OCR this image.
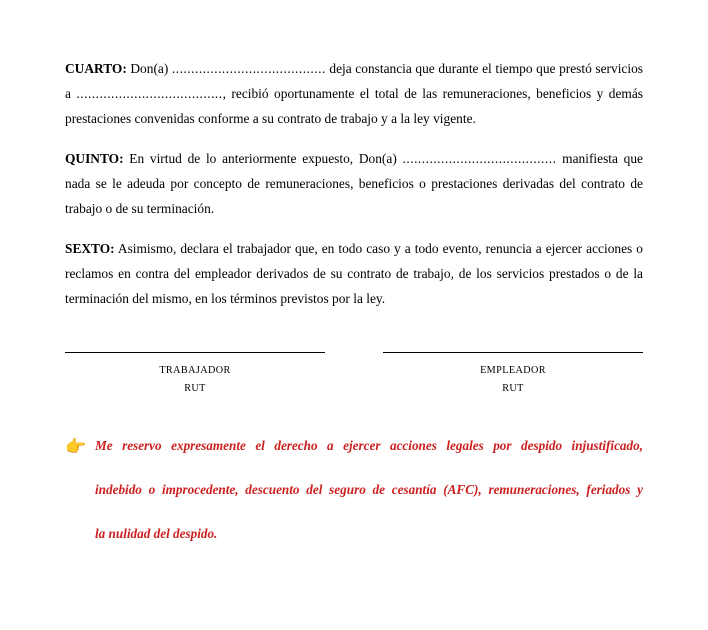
CUARTO: Don(a) ........................................ deja constancia que durante el tiempo que prestó servicios a ......................................, recibió oportunamente el total de las remuneraciones, beneficios y demás prestaciones convenidas conforme a su contrato de trabajo y a la ley vigente.

QUINTO: En virtud de lo anteriormente expuesto, Don(a) ........................................ manifiesta que nada se le adeuda por concepto de remuneraciones, beneficios o prestaciones derivadas del contrato de trabajo o de su terminación.

SEXTO: Asimismo, declara el trabajador que, en todo caso y a todo evento, renuncia a ejercer acciones o reclamos en contra del empleador derivados de su contrato de trabajo, de los servicios prestados o de la terminación del mismo, en los términos previstos por la ley.

TRABAJADOR
RUT
EMPLEADOR
RUT
👉 Me reservo expresamente el derecho a ejercer acciones legales por despido injustificado,
indebido o improcedente, descuento del seguro de cesantía (AFC), remuneraciones, feriados y
la nulidad del despido.
